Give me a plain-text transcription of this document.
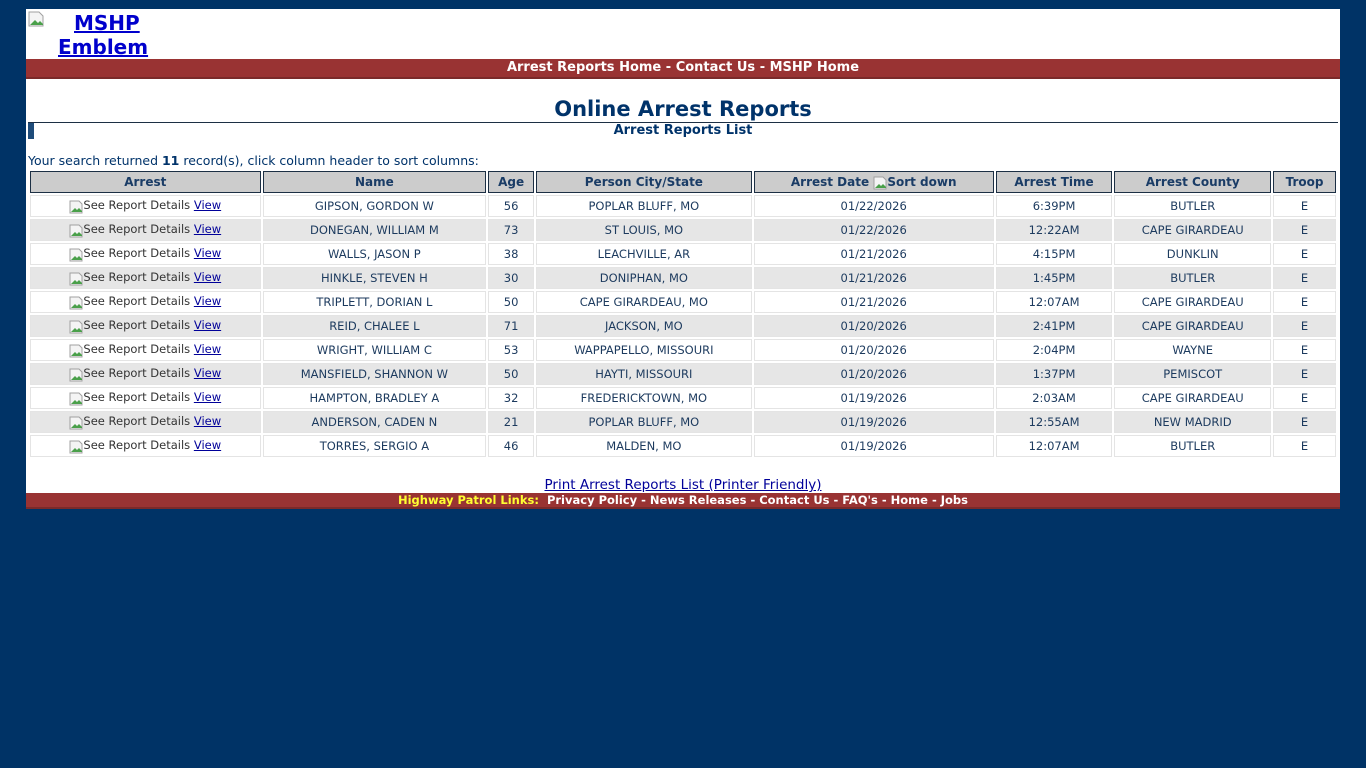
MSHP
Emblem
Arrest Reports Home - Contact Us - MSHP Home
Online Arrest Reports
Arrest Reports List
Your search returned 11 record(s), click column header to sort columns:
Arrest	Name	Age	Person City/State	Arrest Date Sort down	Arrest Time	Arrest County	Troop
See Report Details View	GIPSON, GORDON W	56	POPLAR BLUFF, MO	01/22/2026	6:39PM	BUTLER	E
See Report Details View	DONEGAN, WILLIAM M	73	ST LOUIS, MO	01/22/2026	12:22AM	CAPE GIRARDEAU	E
See Report Details View	WALLS, JASON P	38	LEACHVILLE, AR	01/21/2026	4:15PM	DUNKLIN	E
See Report Details View	HINKLE, STEVEN H	30	DONIPHAN, MO	01/21/2026	1:45PM	BUTLER	E
See Report Details View	TRIPLETT, DORIAN L	50	CAPE GIRARDEAU, MO	01/21/2026	12:07AM	CAPE GIRARDEAU	E
See Report Details View	REID, CHALEE L	71	JACKSON, MO	01/20/2026	2:41PM	CAPE GIRARDEAU	E
See Report Details View	WRIGHT, WILLIAM C	53	WAPPAPELLO, MISSOURI	01/20/2026	2:04PM	WAYNE	E
See Report Details View	MANSFIELD, SHANNON W	50	HAYTI, MISSOURI	01/20/2026	1:37PM	PEMISCOT	E
See Report Details View	HAMPTON, BRADLEY A	32	FREDERICKTOWN, MO	01/19/2026	2:03AM	CAPE GIRARDEAU	E
See Report Details View	ANDERSON, CADEN N	21	POPLAR BLUFF, MO	01/19/2026	12:55AM	NEW MADRID	E
See Report Details View	TORRES, SERGIO A	46	MALDEN, MO	01/19/2026	12:07AM	BUTLER	E
Print Arrest Reports List (Printer Friendly)
Highway Patrol Links: Privacy Policy - News Releases - Contact Us - FAQ's - Home - Jobs
